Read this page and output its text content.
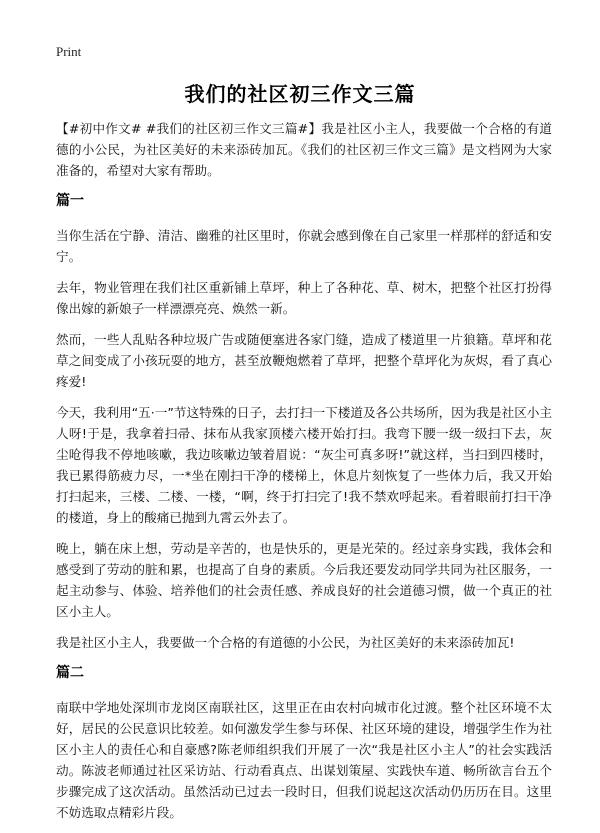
Print
我们的社区初三作文三篇

【#初中作文# #我们的社区初三作文三篇#】我是社区小主人，我要做一个合格的有道德的小公民，为社区美好的未来添砖加瓦。《我们的社区初三作文三篇》是文档网为大家准备的，希望对大家有帮助。

篇一

当你生活在宁静、清洁、幽雅的社区里时，你就会感到像在自己家里一样那样的舒适和安宁。

去年，物业管理在我们社区重新铺上草坪，种上了各种花、草、树木，把整个社区打扮得像出嫁的新娘子一样漂漂亮亮、焕然一新。

然而，一些人乱贴各种垃圾广告或随便塞进各家门缝，造成了楼道里一片狼籍。草坪和花草之间变成了小孩玩耍的地方，甚至放鞭炮燃着了草坪，把整个草坪化为灰烬，看了真心疼爱!

今天，我利用“五·一”节这特殊的日子，去打扫一下楼道及各公共场所，因为我是社区小主人呀!于是，我拿着扫帚、抹布从我家顶楼六楼开始打扫。我弯下腰一级一级扫下去，灰尘呛得我不停地咳嗽，我边咳嗽边皱着眉说：“灰尘可真多呀!”就这样，当扫到四楼时，我已累得筋疲力尽，一*坐在刚扫干净的楼梯上，休息片刻恢复了一些体力后，我又开始打扫起来，三楼、二楼、一楼，“啊，终于打扫完了!我不禁欢呼起来。看着眼前打扫干净的楼道，身上的酸痛已抛到九霄云外去了。

晚上，躺在床上想，劳动是辛苦的，也是快乐的，更是光荣的。经过亲身实践，我体会和感受到了劳动的脏和累，也提高了自身的素质。今后我还要发动同学共同为社区服务，一起主动参与、体验、培养他们的社会责任感、养成良好的社会道德习惯，做一个真正的社区小主人。

我是社区小主人，我要做一个合格的有道德的小公民，为社区美好的未来添砖加瓦!

篇二

南联中学地处深圳市龙岗区南联社区，这里正在由农村向城市化过渡。整个社区环境不太好，居民的公民意识比较差。如何激发学生参与环保、社区环境的建设，增强学生作为社区小主人的责任心和自豪感?陈老师组织我们开展了一次“我是社区小主人”的社会实践活动。陈波老师通过社区采访站、行动看真点、出谋划策屋、实践快车道、畅所欲言台五个步骤完成了这次活动。虽然活动已过去一段时日，但我们说起这次活动仍历历在目。这里不妨选取点精彩片段。
